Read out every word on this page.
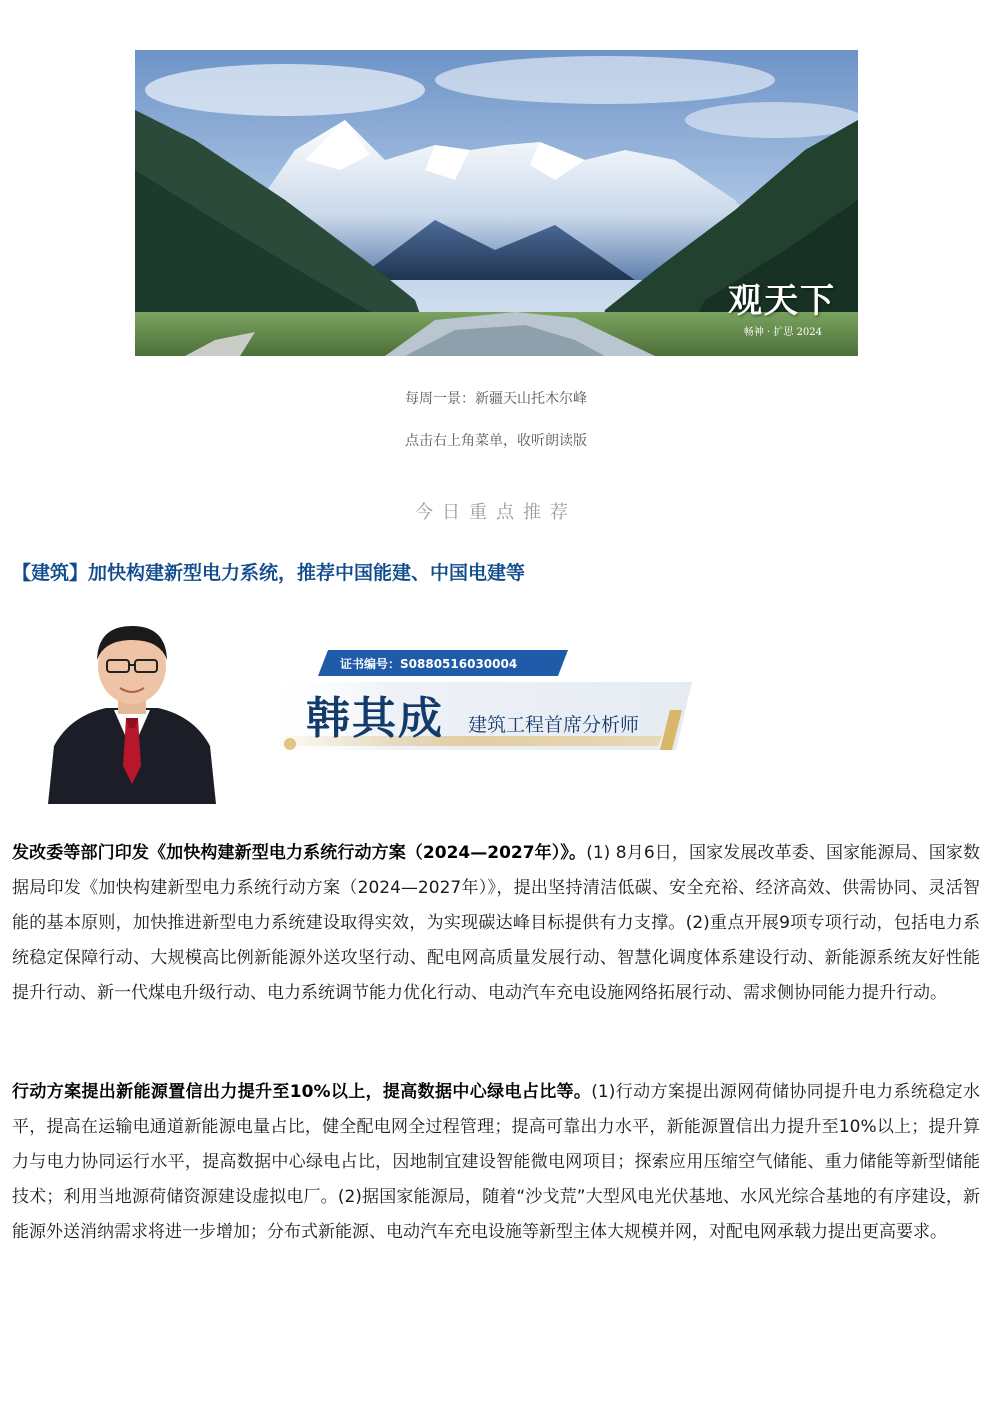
观天下
畅神 · 扩思 2024
每周一景：新疆天山托木尔峰
点击右上角菜单，收听朗读版
今日重点推荐
【建筑】加快构建新型电力系统，推荐中国能建、中国电建等
证书编号：S0880516030004
韩其成 建筑工程首席分析师
发改委等部门印发《加快构建新型电力系统行动方案（2024—2027年）》。(1) 8月6日，国家发展改革委、国家能源局、国家数据局印发《加快构建新型电力系统行动方案（2024—2027年）》，提出坚持清洁低碳、安全充裕、经济高效、供需协同、灵活智能的基本原则，加快推进新型电力系统建设取得实效，为实现碳达峰目标提供有力支撑。(2)重点开展9项专项行动，包括电力系统稳定保障行动、大规模高比例新能源外送攻坚行动、配电网高质量发展行动、智慧化调度体系建设行动、新能源系统友好性能提升行动、新一代煤电升级行动、电力系统调节能力优化行动、电动汽车充电设施网络拓展行动、需求侧协同能力提升行动。
行动方案提出新能源置信出力提升至10%以上，提高数据中心绿电占比等。(1)行动方案提出源网荷储协同提升电力系统稳定水平，提高在运输电通道新能源电量占比，健全配电网全过程管理；提高可靠出力水平，新能源置信出力提升至10%以上；提升算力与电力协同运行水平，提高数据中心绿电占比，因地制宜建设智能微电网项目；探索应用压缩空气储能、重力储能等新型储能技术；利用当地源荷储资源建设虚拟电厂。(2)据国家能源局，随着“沙戈荒”大型风电光伏基地、水风光综合基地的有序建设，新能源外送消纳需求将进一步增加；分布式新能源、电动汽车充电设施等新型主体大规模并网，对配电网承载力提出更高要求。
